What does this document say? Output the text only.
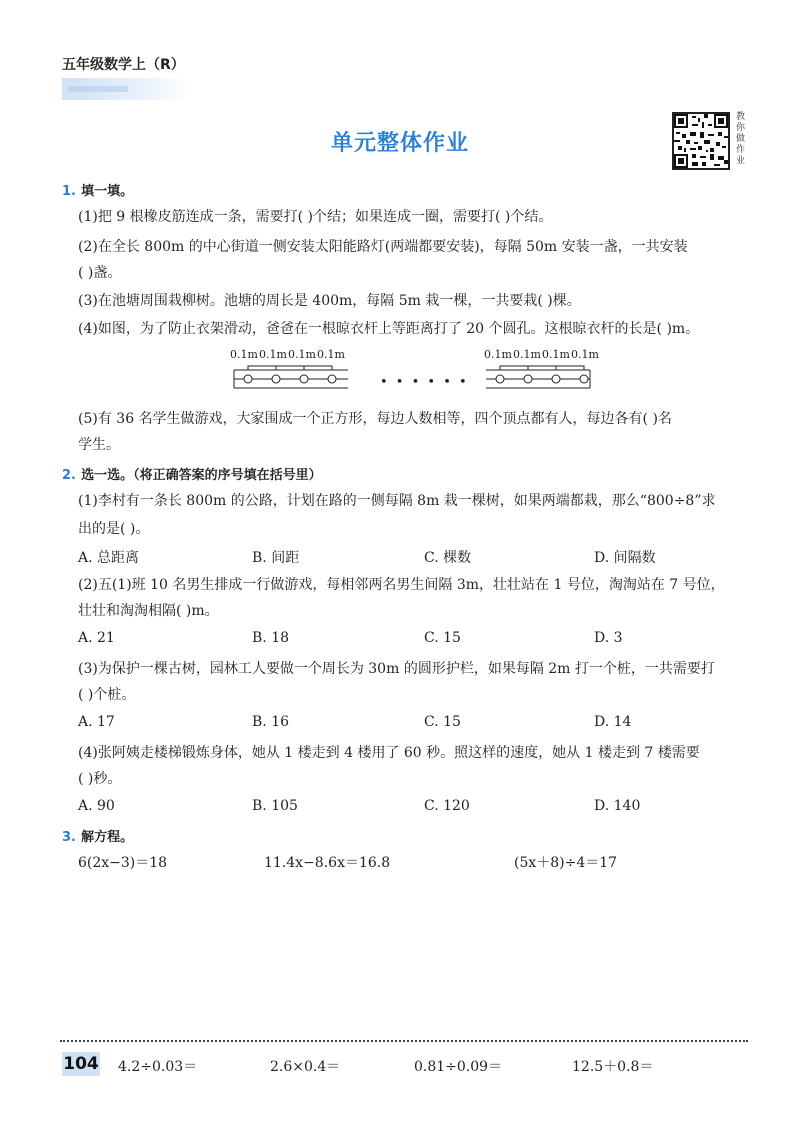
五年级数学上（R）
单元整体作业
教
你
做
作
业
1. 填一填。
(1)把 9 根橡皮筋连成一条，需要打( )个结；如果连成一圈，需要打( )个结。
(2)在全长 800m 的中心街道一侧安装太阳能路灯(两端都要安装)，每隔 50m 安装一盏，一共安装
( )盏。
(3)在池塘周围栽柳树。池塘的周长是 400m，每隔 5m 栽一棵，一共要栽( )棵。
(4)如图，为了防止衣架滑动，爸爸在一根晾衣杆上等距离打了 20 个圆孔。这根晾衣杆的长是( )m。
0.1m 0.1m 0.1m 0.1m	0.1m 0.1m 0.1m 0.1m
• • • • • •
(5)有 36 名学生做游戏，大家围成一个正方形，每边人数相等，四个顶点都有人，每边各有( )名
学生。
2. 选一选。（将正确答案的序号填在括号里）
(1)李村有一条长 800m 的公路，计划在路的一侧每隔 8m 栽一棵树，如果两端都栽，那么“800÷8”求
出的是( )。
A. 总距离	B. 间距	C. 棵数	D. 间隔数
(2)五(1)班 10 名男生排成一行做游戏，每相邻两名男生间隔 3m，壮壮站在 1 号位，淘淘站在 7 号位，
壮壮和淘淘相隔( )m。
A. 21	B. 18	C. 15	D. 3
(3)为保护一棵古树，园林工人要做一个周长为 30m 的圆形护栏，如果每隔 2m 打一个桩，一共需要打
( )个桩。
A. 17	B. 16	C. 15	D. 14
(4)张阿姨走楼梯锻炼身体，她从 1 楼走到 4 楼用了 60 秒。照这样的速度，她从 1 楼走到 7 楼需要
( )秒。
A. 90	B. 105	C. 120	D. 140
3. 解方程。
6(2x−3)＝18	11.4x−8.6x＝16.8	(5x＋8)÷4＝17
104 4.2÷0.03＝	2.6×0.4＝	0.81÷0.09＝	12.5＋0.8＝
